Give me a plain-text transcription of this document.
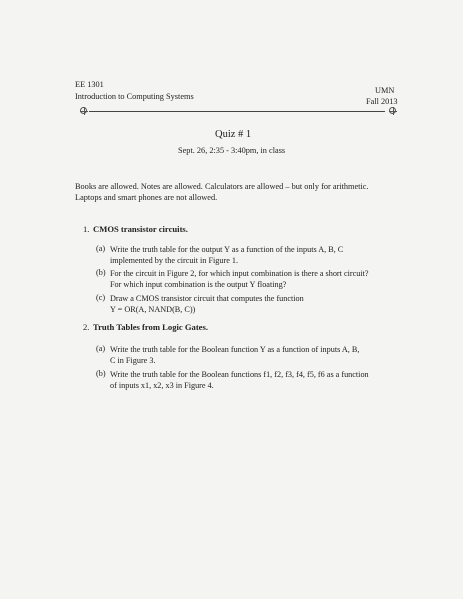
EE 1301
Introduction to Computing Systems
UMN
Fall 2013
Quiz # 1
Sept. 26, 2:35 - 3:40pm, in class
Books are allowed. Notes are allowed. Calculators are allowed – but only for arithmetic.
Laptops and smart phones are not allowed.
1. CMOS transistor circuits.
(a) Write the truth table for the output Y as a function of the inputs A, B, C
implemented by the circuit in Figure 1.
(b) For the circuit in Figure 2, for which input combination is there a short circuit?
For which input combination is the output Y floating?
(c) Draw a CMOS transistor circuit that computes the function
Y = OR(A, NAND(B, C))
2. Truth Tables from Logic Gates.
(a) Write the truth table for the Boolean function Y as a function of inputs A, B,
C in Figure 3.
(b) Write the truth table for the Boolean functions f1, f2, f3, f4, f5, f6 as a function
of inputs x1, x2, x3 in Figure 4.
